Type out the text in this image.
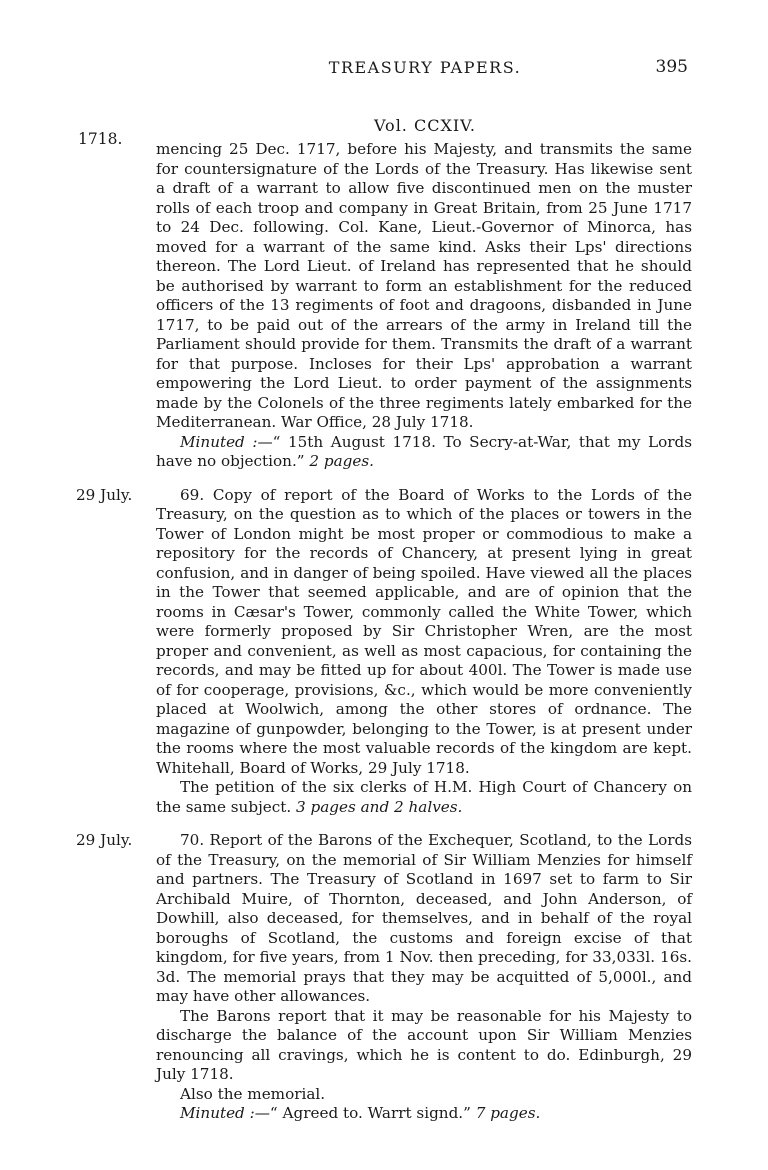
TREASURY PAPERS.	395
1718.
Vol. CCXIV.

mencing 25 Dec. 1717, before his Majesty, and transmits the same for countersignature of the Lords of the Treasury. Has likewise sent a draft of a warrant to allow five discontinued men on the muster rolls of each troop and company in Great Britain, from 25 June 1717 to 24 Dec. following. Col. Kane, Lieut.-Governor of Minorca, has moved for a warrant of the same kind. Asks their Lps' directions thereon. The Lord Lieut. of Ireland has represented that he should be authorised by warrant to form an establishment for the reduced officers of the 13 regiments of foot and dragoons, disbanded in June 1717, to be paid out of the arrears of the army in Ireland till the Parliament should provide for them. Transmits the draft of a warrant for that purpose. Incloses for their Lps' approbation a warrant empowering the Lord Lieut. to order payment of the assignments made by the Colonels of the three regiments lately embarked for the Mediterranean. War Office, 28 July 1718.

Minuted :—“ 15th August 1718. To Secry-at-War, that my Lords have no objection.” 2 pages.

29 July.	69. Copy of report of the Board of Works to the Lords of the Treasury, on the question as to which of the places or towers in the Tower of London might be most proper or commodious to make a repository for the records of Chancery, at present lying in great confusion, and in danger of being spoiled. Have viewed all the places in the Tower that seemed applicable, and are of opinion that the rooms in Cæsar's Tower, commonly called the White Tower, which were formerly proposed by Sir Christopher Wren, are the most proper and convenient, as well as most capacious, for containing the records, and may be fitted up for about 400l. The Tower is made use of for cooperage, provisions, &c., which would be more conveniently placed at Woolwich, among the other stores of ordnance. The magazine of gunpowder, belonging to the Tower, is at present under the rooms where the most valuable records of the kingdom are kept. Whitehall, Board of Works, 29 July 1718.

The petition of the six clerks of H.M. High Court of Chancery on the same subject. 3 pages and 2 halves.

29 July.	70. Report of the Barons of the Exchequer, Scotland, to the Lords of the Treasury, on the memorial of Sir William Menzies for himself and partners. The Treasury of Scotland in 1697 set to farm to Sir Archibald Muire, of Thornton, deceased, and John Anderson, of Dowhill, also deceased, for themselves, and in behalf of the royal boroughs of Scotland, the customs and foreign excise of that kingdom, for five years, from 1 Nov. then preceding, for 33,033l. 16s. 3d. The memorial prays that they may be acquitted of 5,000l., and may have other allowances.

The Barons report that it may be reasonable for his Majesty to discharge the balance of the account upon Sir William Menzies renouncing all cravings, which he is content to do. Edinburgh, 29 July 1718.

Also the memorial.

Minuted :—“ Agreed to. Warrt signd.” 7 pages.
